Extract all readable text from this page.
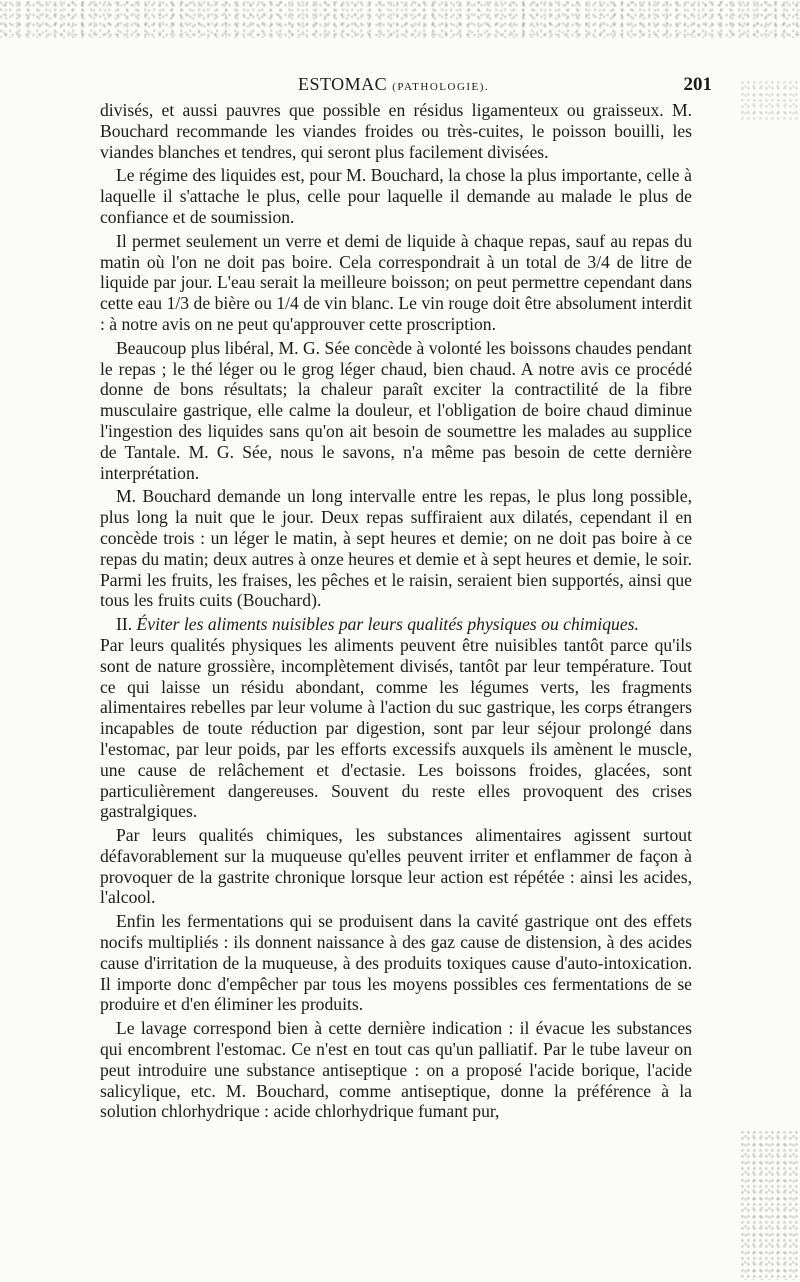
ESTOMAC (PATHOLOGIE).	201

divisés, et aussi pauvres que possible en résidus ligamenteux ou graisseux. M. Bouchard recommande les viandes froides ou très-cuites, le poisson bouilli, les viandes blanches et tendres, qui seront plus facilement divisées.

Le régime des liquides est, pour M. Bouchard, la chose la plus importante, celle à laquelle il s'attache le plus, celle pour laquelle il demande au malade le plus de confiance et de soumission.

Il permet seulement un verre et demi de liquide à chaque repas, sauf au repas du matin où l'on ne doit pas boire. Cela correspondrait à un total de 3/4 de litre de liquide par jour. L'eau serait la meilleure boisson; on peut permettre cependant dans cette eau 1/3 de bière ou 1/4 de vin blanc. Le vin rouge doit être absolument interdit : à notre avis on ne peut qu'approuver cette proscription.

Beaucoup plus libéral, M. G. Sée concède à volonté les boissons chaudes pendant le repas ; le thé léger ou le grog léger chaud, bien chaud. A notre avis ce procédé donne de bons résultats; la chaleur paraît exciter la contractilité de la fibre musculaire gastrique, elle calme la douleur, et l'obligation de boire chaud diminue l'ingestion des liquides sans qu'on ait besoin de soumettre les malades au supplice de Tantale. M. G. Sée, nous le savons, n'a même pas besoin de cette dernière interprétation.

M. Bouchard demande un long intervalle entre les repas, le plus long possible, plus long la nuit que le jour. Deux repas suffiraient aux dilatés, cependant il en concède trois : un léger le matin, à sept heures et demie; on ne doit pas boire à ce repas du matin; deux autres à onze heures et demie et à sept heures et demie, le soir. Parmi les fruits, les fraises, les pêches et le raisin, seraient bien supportés, ainsi que tous les fruits cuits (Bouchard).

II. Éviter les aliments nuisibles par leurs qualités physiques ou chimiques.
Par leurs qualités physiques les aliments peuvent être nuisibles tantôt parce qu'ils sont de nature grossière, incomplètement divisés, tantôt par leur température. Tout ce qui laisse un résidu abondant, comme les légumes verts, les fragments alimentaires rebelles par leur volume à l'action du suc gastrique, les corps étrangers incapables de toute réduction par digestion, sont par leur séjour prolongé dans l'estomac, par leur poids, par les efforts excessifs auxquels ils amènent le muscle, une cause de relâchement et d'ectasie. Les boissons froides, glacées, sont particulièrement dangereuses. Souvent du reste elles provoquent des crises gastralgiques.

Par leurs qualités chimiques, les substances alimentaires agissent surtout défavorablement sur la muqueuse qu'elles peuvent irriter et enflammer de façon à provoquer de la gastrite chronique lorsque leur action est répétée : ainsi les acides, l'alcool.

Enfin les fermentations qui se produisent dans la cavité gastrique ont des effets nocifs multipliés : ils donnent naissance à des gaz cause de distension, à des acides cause d'irritation de la muqueuse, à des produits toxiques cause d'auto-intoxication. Il importe donc d'empêcher par tous les moyens possibles ces fermentations de se produire et d'en éliminer les produits.

Le lavage correspond bien à cette dernière indication : il évacue les substances qui encombrent l'estomac. Ce n'est en tout cas qu'un palliatif. Par le tube laveur on peut introduire une substance antiseptique : on a proposé l'acide borique, l'acide salicylique, etc. M. Bouchard, comme antiseptique, donne la préférence à la solution chlorhydrique : acide chlorhydrique fumant pur,
